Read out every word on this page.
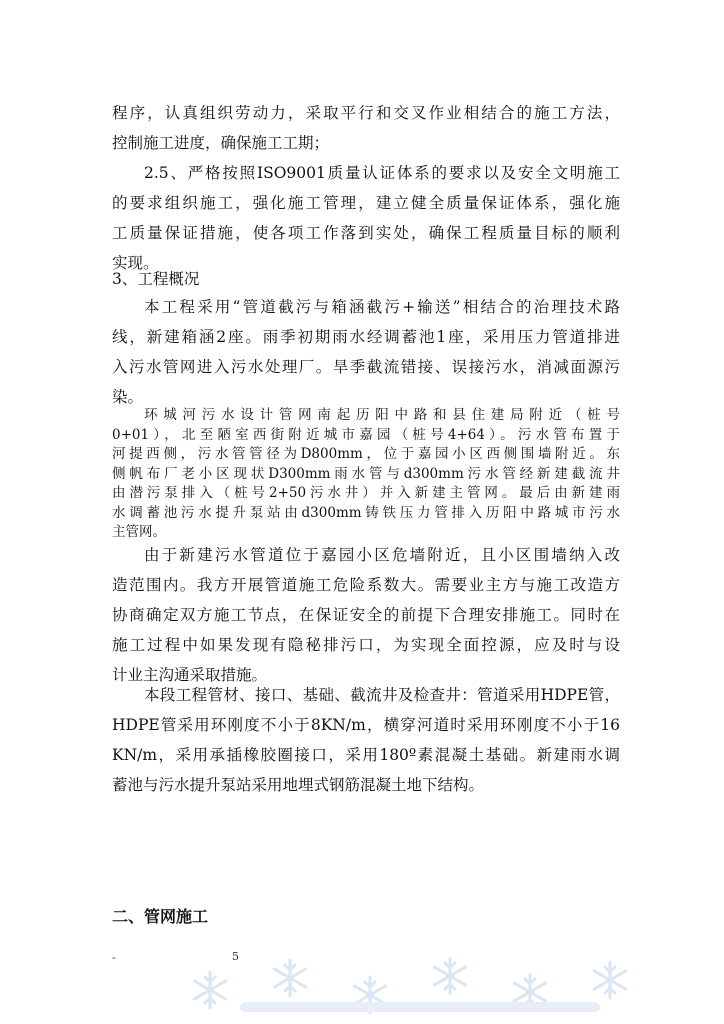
程序，认真组织劳动力，采取平行和交叉作业相结合的施工方法，
控制施工进度，确保施工工期；
2.5、严格按照ISO9001质量认证体系的要求以及安全文明施工
的要求组织施工，强化施工管理，建立健全质量保证体系，强化施
工质量保证措施，使各项工作落到实处，确保工程质量目标的顺利
实现。
3、工程概况
本工程采用“管道截污与箱涵截污+输送”相结合的治理技术路
线，新建箱涵2座。雨季初期雨水经调蓄池1座，采用压力管道排进
入污水管网进入污水处理厂。旱季截流错接、误接污水，消减面源污
染。
环城河污水设计管网南起历阳中路和县住建局附近（桩号
0+01），北至陋室西街附近城市嘉园（桩号4+64）。污水管布置于
河提西侧，污水管管径为D800mm，位于嘉园小区西侧围墙附近。东
侧帆布厂老小区现状D300mm雨水管与d300mm污水管经新建截流井
由潜污泵排入（桩号2+50污水井）并入新建主管网。最后由新建雨
水调蓄池污水提升泵站由d300mm铸铁压力管排入历阳中路城市污水
主管网。
由于新建污水管道位于嘉园小区危墙附近，且小区围墙纳入改
造范围内。我方开展管道施工危险系数大。需要业主方与施工改造方
协商确定双方施工节点，在保证安全的前提下合理安排施工。同时在
施工过程中如果发现有隐秘排污口，为实现全面控源，应及时与设
计业主沟通采取措施。
本段工程管材、接口、基础、截流井及检查井：管道采用HDPE管，
HDPE管采用环刚度不小于8KN/m，横穿河道时采用环刚度不小于16
KN/m，采用承插橡胶圈接口，采用180º素混凝土基础。新建雨水调
蓄池与污水提升泵站采用地埋式钢筋混凝土地下结构。
二、管网施工
-	5
